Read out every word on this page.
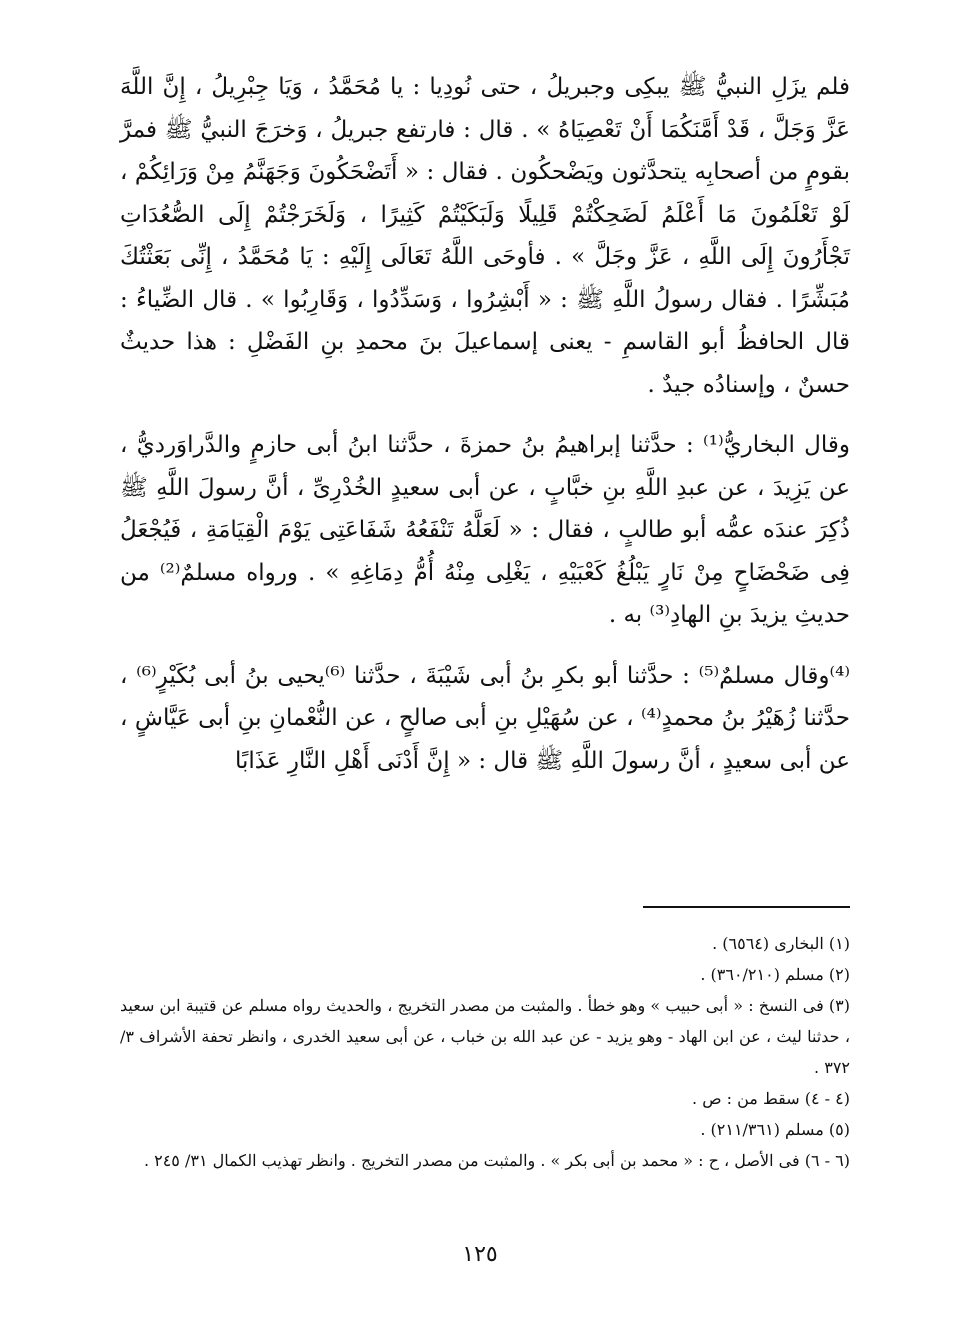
فلم يزَلِ النبيُّ ﷺ يبكِى وجبريلُ ، حتى نُودِيا : يا مُحَمَّدُ ، وَيَا جِبْرِيلُ ، إِنَّ اللَّهَ عَزَّ وَجَلَّ ، قَدْ أَمَّنَكُمَا أَنْ تَعْصِيَاهُ » . قال : فارتفع جبريلُ ، وَخرَجَ النبيُّ ﷺ فمرَّ بقومٍ من أصحابِه يتحدَّثون ويَضْحكُون . فقال : « أَتَضْحَكُونَ وَجَهَنَّمُ مِنْ وَرَائِكُمْ ، لَوْ تَعْلَمُونَ مَا أَعْلَمُ لَضَحِكْتُمْ قَلِيلًا وَلَبَكَيْتُمْ كَثِيرًا ، وَلَخَرَجْتُمْ إِلَى الصُّعُدَاتِ تَجْأَرُونَ إِلَى اللَّهِ ، عَزَّ وجَلَّ » . فأوحَى اللَّهُ تَعَالَى إِلَيْهِ : يَا مُحَمَّدُ ، إِنِّى بَعَثْتُكَ مُبَشِّرًا . فقال رسولُ اللَّهِ ﷺ : « أَبْشِرُوا ، وَسَدِّدُوا ، وَقَارِبُوا » . قال الضِّياءُ : قال الحافظُ أبو القاسمِ - يعنى إسماعيلَ بنَ محمدِ بنِ الفَضْلِ : هذا حديثٌ حسنٌ ، وإسنادُه جيدٌ .

وقال البخاريُّ⁽¹⁾ : حدَّثنا إبراهيمُ بنُ حمزةَ ، حدَّثنا ابنُ أبى حازمٍ والدَّراوَرديُّ ، عن يَزِيدَ ، عن عبدِ اللَّهِ بنِ خبَّابٍ ، عن أبى سعيدٍ الخُدْرِىِّ ، أنَّ رسولَ اللَّهِ ﷺ ذُكِرَ عندَه عمُّه أبو طالبٍ ، فقال : « لَعَلَّهُ تَنْفَعُهُ شَفَاعَتِى يَوْمَ الْقِيَامَةِ ، فَيُجْعَلُ فِى ضَحْضَاحٍ مِنْ نَارٍ يَبْلُغُ كَعْبَيْهِ ، يَغْلِى مِنْهُ أُمُّ دِمَاغِهِ » . ورواه مسلمٌ⁽²⁾ من حديثِ يزيدَ بنِ الهادِ⁽³⁾ به .

⁽⁴⁾وقال مسلمٌ⁽⁵⁾ : حدَّثنا أبو بكرِ بنُ أبى شَيْبَةَ ، حدَّثنا ⁽⁶⁾يحيى بنُ أبى بُكَيْرٍ⁽⁶⁾ ، حدَّثنا زُهَيْرُ بنُ محمدٍ⁽⁴⁾ ، عن سُهَيْلِ بنِ أبى صالحٍ ، عن النُّعْمانِ بنِ أبى عَيَّاشٍ ، عن أبى سعيدٍ ، أنَّ رسولَ اللَّهِ ﷺ قال : « إِنَّ أَدْنَى أَهْلِ النَّارِ عَذَابًا

(١) البخارى (٦٥٦٤) .

(٢) مسلم (٣٦٠/٢١٠) .

(٣) فى النسخ : « أبى حبيب » وهو خطأ . والمثبت من مصدر التخريج ، والحديث رواه مسلم عن قتيبة ابن سعيد ، حدثنا ليث ، عن ابن الهاد - وهو يزيد - عن عبد الله بن خباب ، عن أبى سعيد الخدرى ، وانظر تحفة الأشراف ٣/ ٣٧٢ .

(٤ - ٤) سقط من : ص .

(٥) مسلم (٢١١/٣٦١) .

(٦ - ٦) فى الأصل ، ح : « محمد بن أبى بكر » . والمثبت من مصدر التخريج . وانظر تهذيب الكمال ٣١/ ٢٤٥ .

١٢٥
